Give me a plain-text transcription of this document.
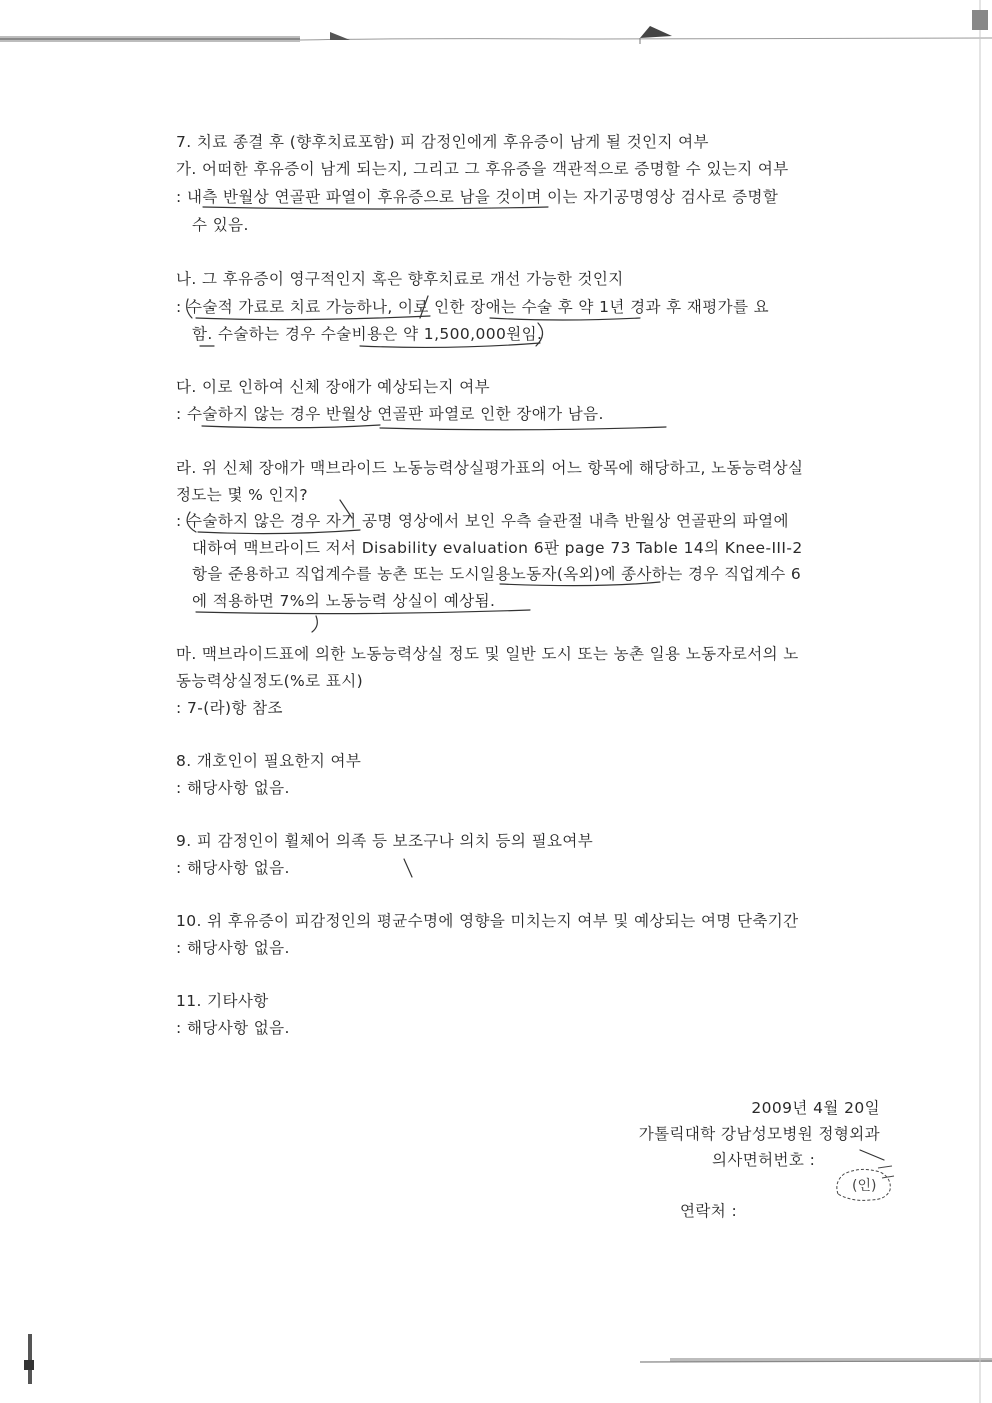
7. 치료 종결 후 (향후치료포함) 피 감정인에게 후유증이 남게 될 것인지 여부
가. 어떠한 후유증이 남게 되는지, 그리고 그 후유증을 객관적으로 증명할 수 있는지 여부
: 내측 반월상 연골판 파열이 후유증으로 남을 것이며 이는 자기공명영상 검사로 증명할
수 있음.
나. 그 후유증이 영구적인지 혹은 향후치료로 개선 가능한 것인지
: 수술적 가료로 치료 가능하나, 이로 인한 장애는 수술 후 약 1년 경과 후 재평가를 요
함. 수술하는 경우 수술비용은 약 1,500,000원임.
다. 이로 인하여 신체 장애가 예상되는지 여부
: 수술하지 않는 경우 반월상 연골판 파열로 인한 장애가 남음.
라. 위 신체 장애가 맥브라이드 노동능력상실평가표의 어느 항목에 해당하고, 노동능력상실
정도는 몇 % 인지?
: 수술하지 않은 경우 자기 공명 영상에서 보인 우측 슬관절 내측 반월상 연골판의 파열에
대하여 맥브라이드 저서 Disability evaluation 6판 page 73 Table 14의 Knee-III-2
항을 준용하고 직업계수를 농촌 또는 도시일용노동자(옥외)에 종사하는 경우 직업계수 6
에 적용하면 7%의 노동능력 상실이 예상됨.
마. 맥브라이드표에 의한 노동능력상실 정도 및 일반 도시 또는 농촌 일용 노동자로서의 노
동능력상실정도(%로 표시)
: 7-(라)항 참조
8. 개호인이 필요한지 여부
: 해당사항 없음.
9. 피 감정인이 휠체어 의족 등 보조구나 의치 등의 필요여부
: 해당사항 없음.
10. 위 후유증이 피감정인의 평균수명에 영향을 미치는지 여부 및 예상되는 여명 단축기간
: 해당사항 없음.
11. 기타사항
: 해당사항 없음.
2009년 4월 20일
가톨릭대학 강남성모병원 정형외과
의사면허번호 :
연락처 :
(인)
